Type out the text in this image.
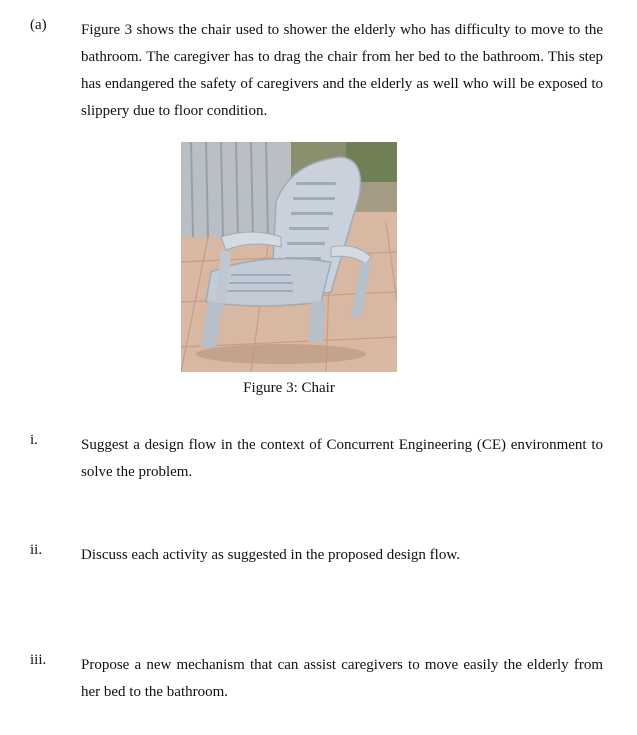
(a) Figure 3 shows the chair used to shower the elderly who has difficulty to move to the bathroom. The caregiver has to drag the chair from her bed to the bathroom. This step has endangered the safety of caregivers and the elderly as well who will be exposed to slippery due to floor condition.
Figure 3: Chair
i.	Suggest a design flow in the context of Concurrent Engineering (CE) environment to solve the problem.
ii.	Discuss each activity as suggested in the proposed design flow.
iii. Propose a new mechanism that can assist caregivers to move easily the elderly from her bed to the bathroom.
